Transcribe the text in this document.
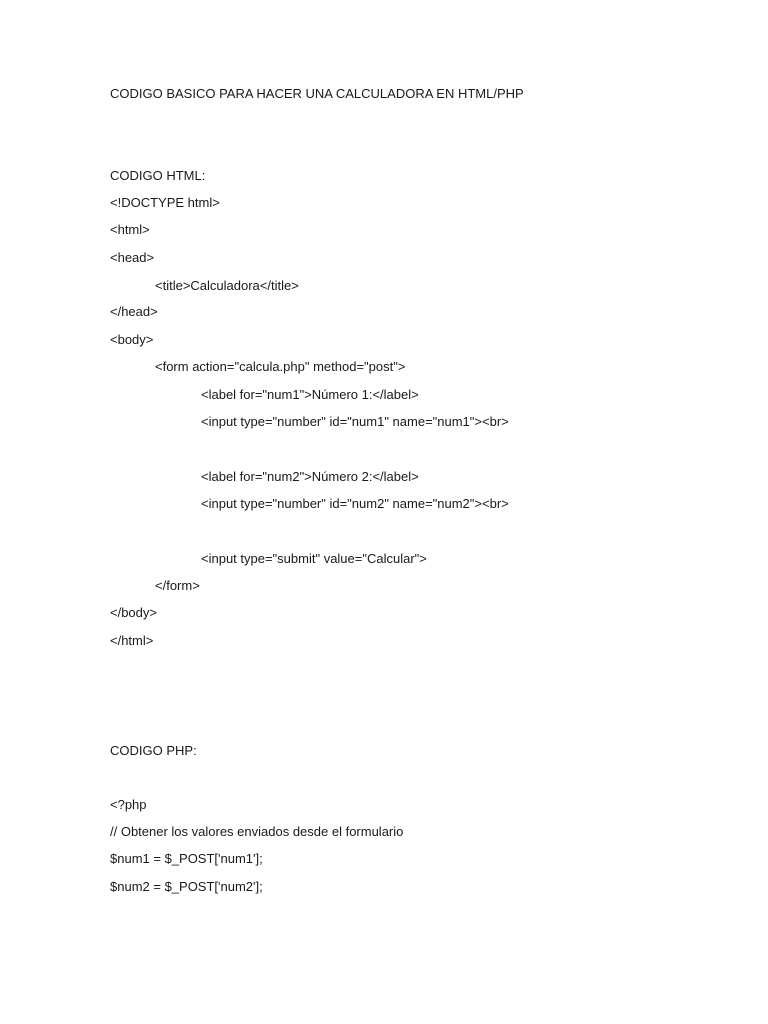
CODIGO BASICO PARA HACER UNA CALCULADORA EN HTML/PHP
CODIGO HTML:
<!DOCTYPE html>
<html>
<head>
<title>Calculadora</title>
</head>
<body>
<form action="calcula.php" method="post">
<label for="num1">Número 1:</label>
<input type="number" id="num1" name="num1"><br>
<label for="num2">Número 2:</label>
<input type="number" id="num2" name="num2"><br>
<input type="submit" value="Calcular">
</form>
</body>
</html>
CODIGO PHP:
<?php
// Obtener los valores enviados desde el formulario
$num1 = $_POST['num1'];
$num2 = $_POST['num2'];
